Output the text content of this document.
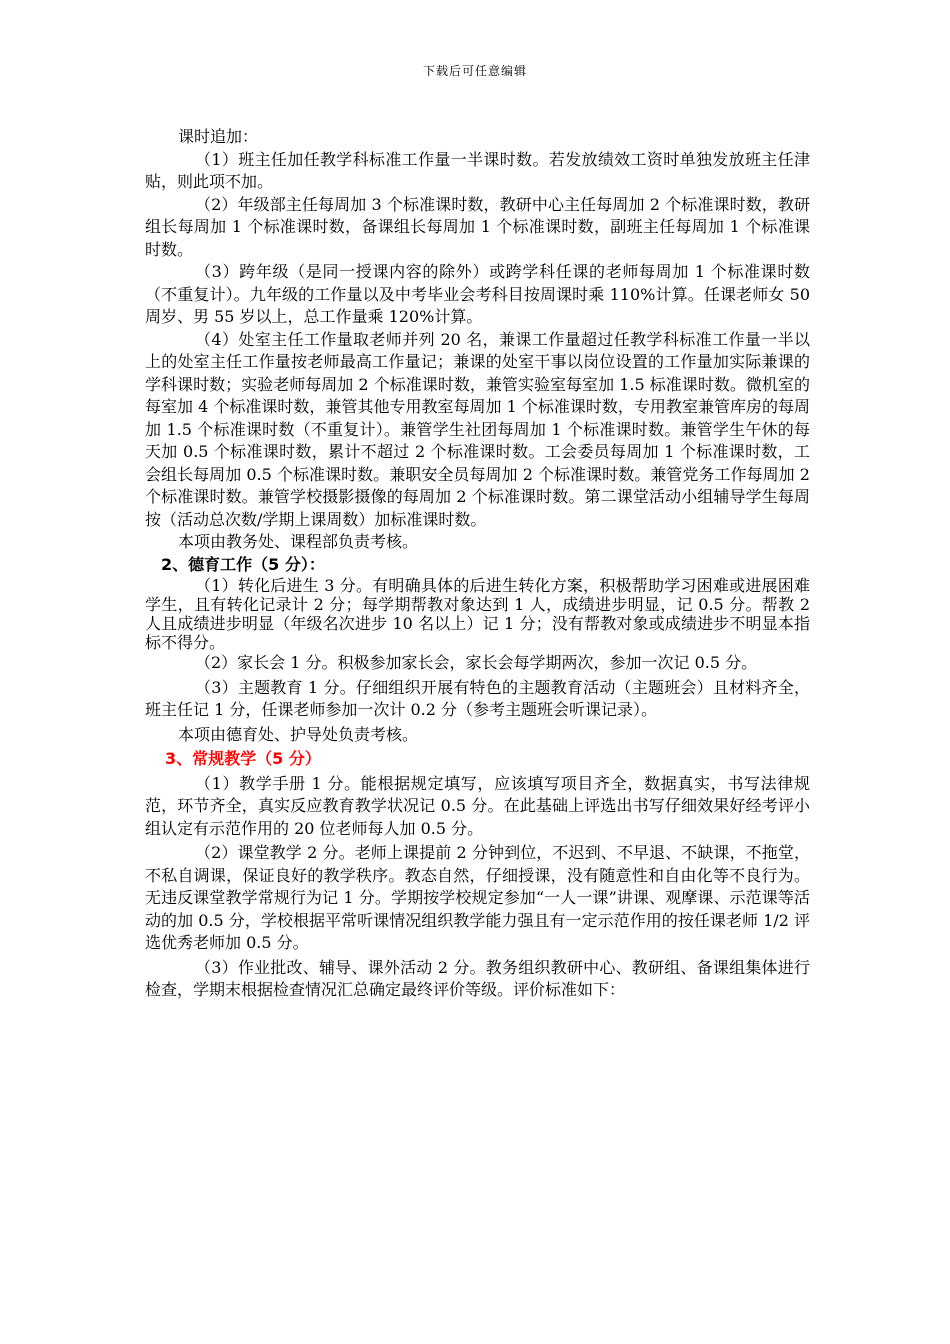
下载后可任意编辑

课时追加：

（1）班主任加任教学科标准工作量一半课时数。若发放绩效工资时单独发放班主任津贴，则此项不加。

（2）年级部主任每周加 3 个标准课时数，教研中心主任每周加 2 个标准课时数，教研组长每周加 1 个标准课时数，备课组长每周加 1 个标准课时数，副班主任每周加 1 个标准课时数。

（3）跨年级（是同一授课内容的除外）或跨学科任课的老师每周加 1 个标准课时数（不重复计）。九年级的工作量以及中考毕业会考科目按周课时乘 110%计算。任课老师女 50 周岁、男 55 岁以上，总工作量乘 120%计算。

（4）处室主任工作量取老师并列 20 名，兼课工作量超过任教学科标准工作量一半以上的处室主任工作量按老师最高工作量记；兼课的处室干事以岗位设置的工作量加实际兼课的学科课时数；实验老师每周加 2 个标准课时数，兼管实验室每室加 1.5 标准课时数。微机室的每室加 4 个标准课时数，兼管其他专用教室每周加 1 个标准课时数，专用教室兼管库房的每周加 1.5 个标准课时数（不重复计）。兼管学生社团每周加 1 个标准课时数。兼管学生午休的每天加 0.5 个标准课时数，累计不超过 2 个标准课时数。工会委员每周加 1 个标准课时数，工会组长每周加 0.5 个标准课时数。兼职安全员每周加 2 个标准课时数。兼管党务工作每周加 2 个标准课时数。兼管学校摄影摄像的每周加 2 个标准课时数。第二课堂活动小组辅导学生每周按（活动总次数/学期上课周数）加标准课时数。

本项由教务处、课程部负责考核。

2、德育工作（5 分）：

（1）转化后进生 3 分。有明确具体的后进生转化方案，积极帮助学习困难或进展困难学生，且有转化记录计 2 分；每学期帮教对象达到 1 人，成绩进步明显，记 0.5 分。帮教 2 人且成绩进步明显（年级名次进步 10 名以上）记 1 分；没有帮教对象或成绩进步不明显本指标不得分。

（2）家长会 1 分。积极参加家长会，家长会每学期两次，参加一次记 0.5 分。

（3）主题教育 1 分。仔细组织开展有特色的主题教育活动（主题班会）且材料齐全，班主任记 1 分，任课老师参加一次计 0.2 分（参考主题班会听课记录）。

本项由德育处、护导处负责考核。

3、常规教学（5 分）

（1）教学手册 1 分。能根据规定填写，应该填写项目齐全，数据真实，书写法律规范，环节齐全，真实反应教育教学状况记 0.5 分。在此基础上评选出书写仔细效果好经考评小组认定有示范作用的 20 位老师每人加 0.5 分。

（2）课堂教学 2 分。老师上课提前 2 分钟到位，不迟到、不早退、不缺课，不拖堂，不私自调课，保证良好的教学秩序。教态自然，仔细授课，没有随意性和自由化等不良行为。无违反课堂教学常规行为记 1 分。学期按学校规定参加“一人一课”讲课、观摩课、示范课等活动的加 0.5 分，学校根据平常听课情况组织教学能力强且有一定示范作用的按任课老师 1/2 评选优秀老师加 0.5 分。

（3）作业批改、辅导、课外活动 2 分。教务组织教研中心、教研组、备课组集体进行检查，学期末根据检查情况汇总确定最终评价等级。评价标准如下：
